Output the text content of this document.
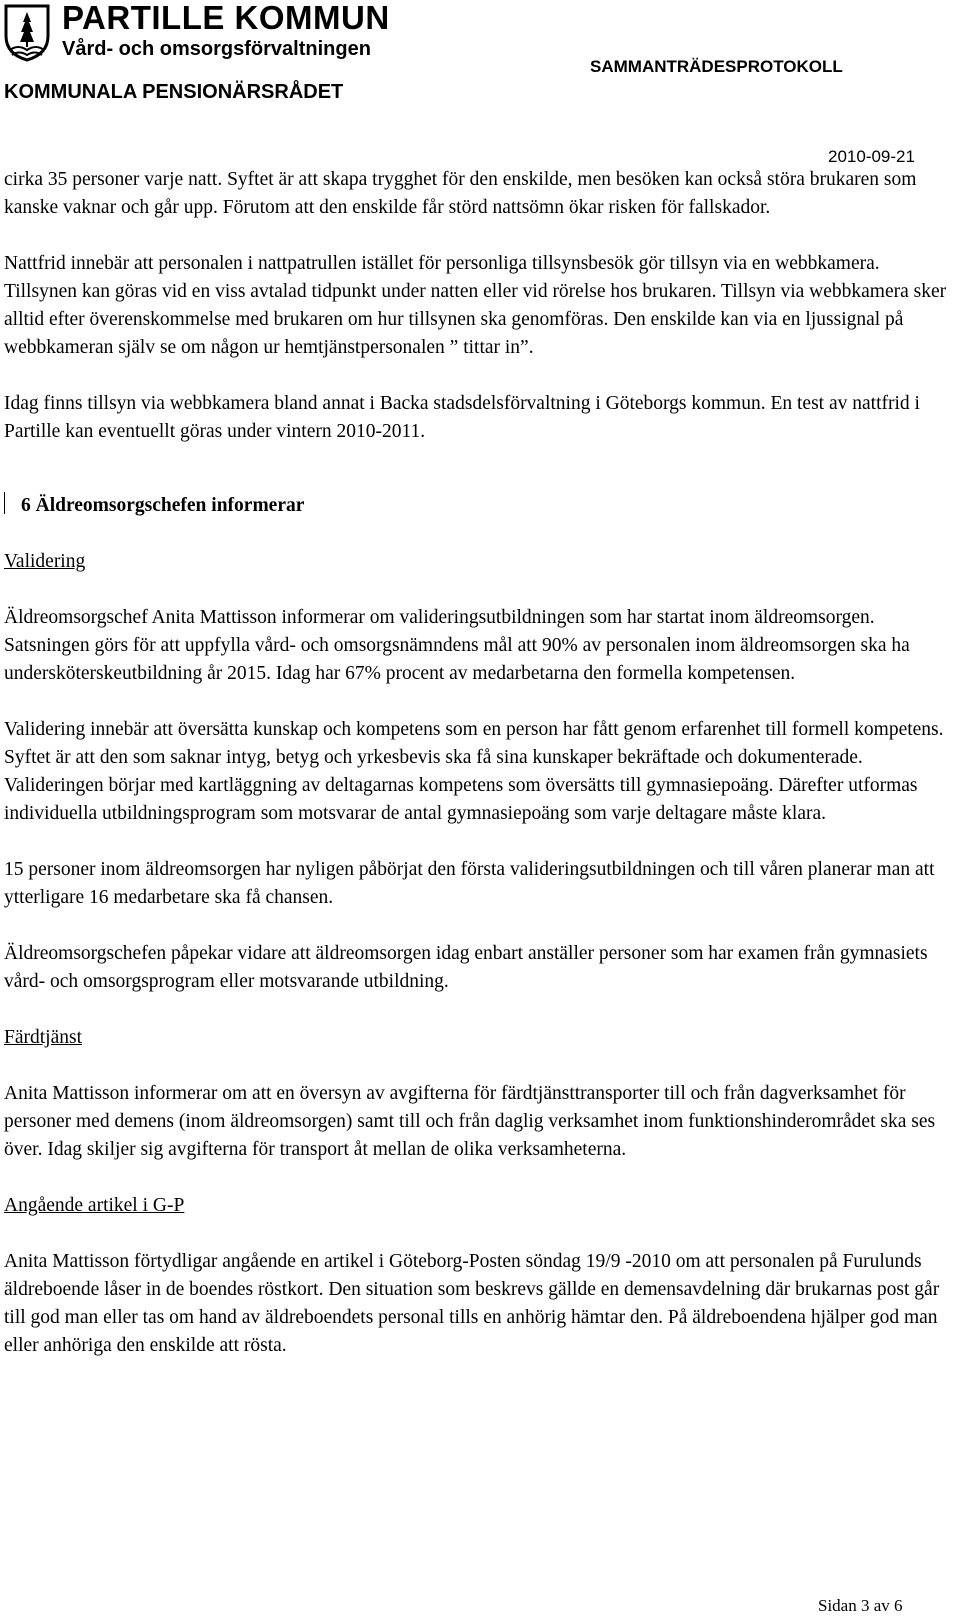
PARTILLE KOMMUN
Vård- och omsorgsförvaltningen
SAMMANTRÄDESPROTOKOLL
KOMMUNALA PENSIONÄRSRÅDET
2010-09-21

cirka 35 personer varje natt. Syftet är att skapa trygghet för den enskilde, men besöken kan också störa brukaren som kanske vaknar och går upp. Förutom att den enskilde får störd nattsömn ökar risken för fallskador.

Nattfrid innebär att personalen i nattpatrullen istället för personliga tillsynsbesök gör tillsyn via en webbkamera. Tillsynen kan göras vid en viss avtalad tidpunkt under natten eller vid rörelse hos brukaren. Tillsyn via webbkamera sker alltid efter överenskommelse med brukaren om hur tillsynen ska genomföras. Den enskilde kan via en ljussignal på webbkameran själv se om någon ur hemtjänstpersonalen ” tittar in”.

Idag finns tillsyn via webbkamera bland annat i Backa stadsdelsförvaltning i Göteborgs kommun. En test av nattfrid i Partille kan eventuellt göras under vintern 2010-2011.

6 Äldreomsorgschefen informerar

Validering

Äldreomsorgschef Anita Mattisson informerar om valideringsutbildningen som har startat inom äldreomsorgen. Satsningen görs för att uppfylla vård- och omsorgsnämndens mål att 90% av personalen inom äldreomsorgen ska ha undersköterskeutbildning år 2015. Idag har 67% procent av medarbetarna den formella kompetensen.

Validering innebär att översätta kunskap och kompetens som en person har fått genom erfarenhet till formell kompetens. Syftet är att den som saknar intyg, betyg och yrkesbevis ska få sina kunskaper bekräftade och dokumenterade. Valideringen börjar med kartläggning av deltagarnas kompetens som översätts till gymnasiepoäng. Därefter utformas individuella utbildningsprogram som motsvarar de antal gymnasiepoäng som varje deltagare måste klara.

15 personer inom äldreomsorgen har nyligen påbörjat den första valideringsutbildningen och till våren planerar man att ytterligare 16 medarbetare ska få chansen.

Äldreomsorgschefen påpekar vidare att äldreomsorgen idag enbart anställer personer som har examen från gymnasiets vård- och omsorgsprogram eller motsvarande utbildning.

Färdtjänst

Anita Mattisson informerar om att en översyn av avgifterna för färdtjänsttransporter till och från dagverksamhet för personer med demens (inom äldreomsorgen) samt till och från daglig verksamhet inom funktionshinderområdet ska ses över. Idag skiljer sig avgifterna för transport åt mellan de olika verksamheterna.

Angående artikel i G-P

Anita Mattisson förtydligar angående en artikel i Göteborg-Posten söndag 19/9 -2010 om att personalen på Furulunds äldreboende låser in de boendes röstkort. Den situation som beskrevs gällde en demensavdelning där brukarnas post går till god man eller tas om hand av äldreboendets personal tills en anhörig hämtar den. På äldreboendena hjälper god man eller anhöriga den enskilde att rösta.

Sidan 3 av 6
